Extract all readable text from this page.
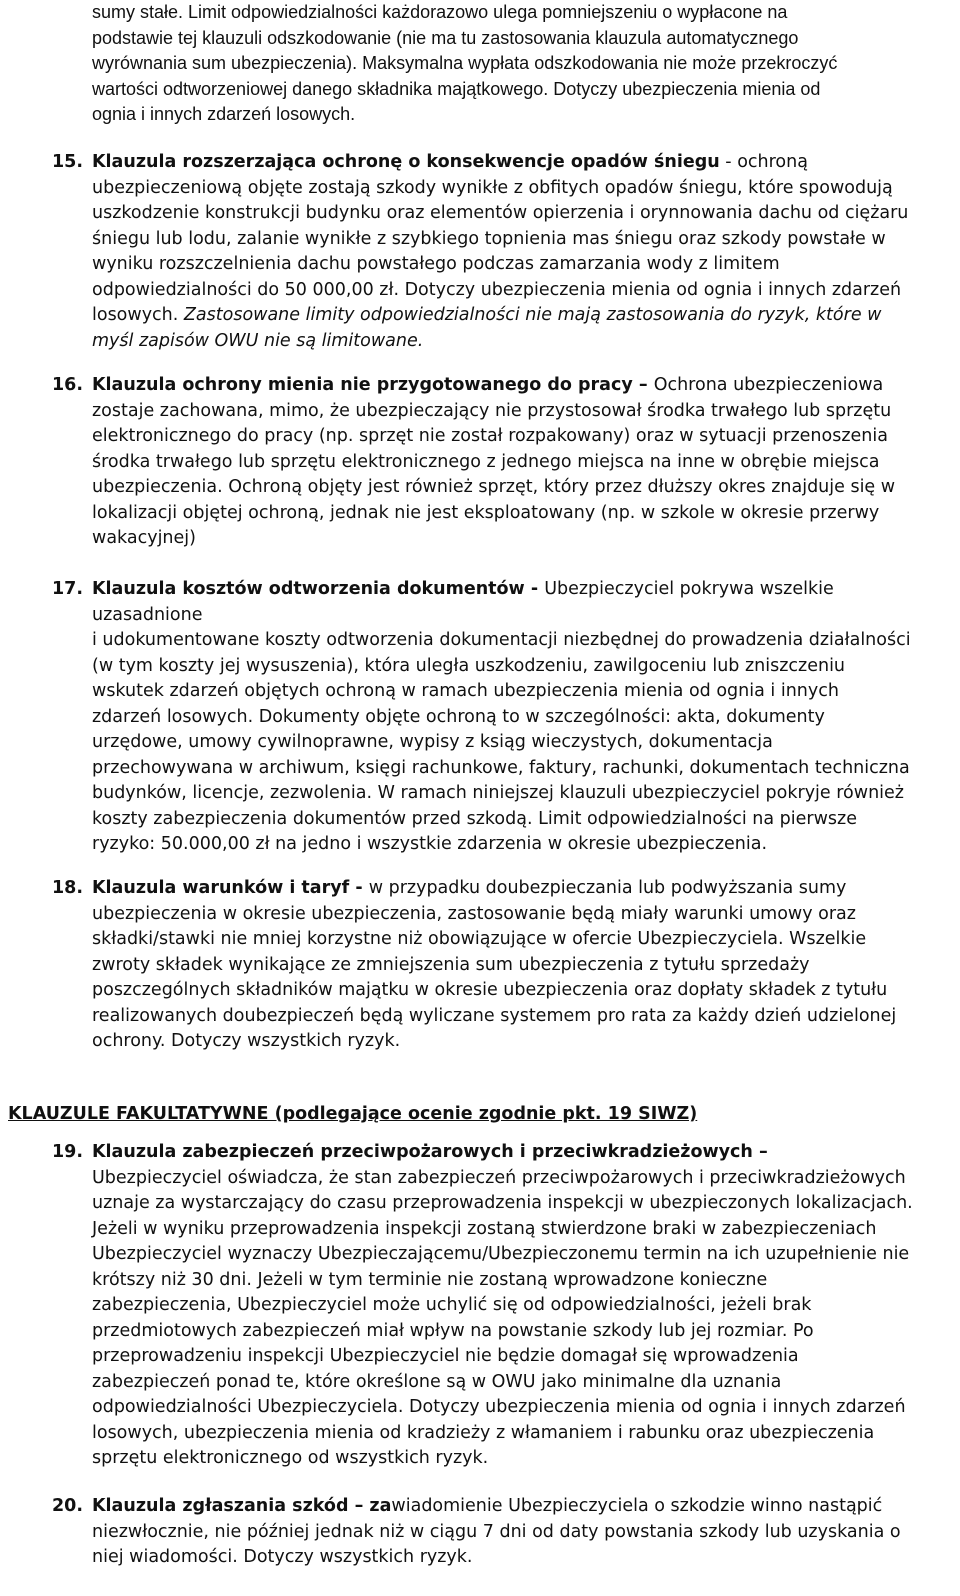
sumy stałe. Limit odpowiedzialności każdorazowo ulega pomniejszeniu o wypłacone na
podstawie tej klauzuli odszkodowanie (nie ma tu zastosowania klauzula automatycznego
wyrównania sum ubezpieczenia). Maksymalna wypłata odszkodowania nie może przekroczyć
wartości odtworzeniowej danego składnika majątkowego. Dotyczy ubezpieczenia mienia od
ognia i innych zdarzeń losowych.
15. Klauzula rozszerzająca ochronę o konsekwencje opadów śniegu - ochroną
ubezpieczeniową objęte zostają szkody wynikłe z obfitych opadów śniegu, które spowodują
uszkodzenie konstrukcji budynku oraz elementów opierzenia i orynnowania dachu od ciężaru
śniegu lub lodu, zalanie wynikłe z szybkiego topnienia mas śniegu oraz szkody powstałe w
wyniku rozszczelnienia dachu powstałego podczas zamarzania wody z limitem
odpowiedzialności do 50 000,00 zł. Dotyczy ubezpieczenia mienia od ognia i innych zdarzeń
losowych. Zastosowane limity odpowiedzialności nie mają zastosowania do ryzyk, które w
myśl zapisów OWU nie są limitowane.
16. Klauzula ochrony mienia nie przygotowanego do pracy – Ochrona ubezpieczeniowa
zostaje zachowana, mimo, że ubezpieczający nie przystosował środka trwałego lub sprzętu
elektronicznego do pracy (np. sprzęt nie został rozpakowany) oraz w sytuacji przenoszenia
środka trwałego lub sprzętu elektronicznego z jednego miejsca na inne w obrębie miejsca
ubezpieczenia. Ochroną objęty jest również sprzęt, który przez dłuższy okres znajduje się w
lokalizacji objętej ochroną, jednak nie jest eksploatowany (np. w szkole w okresie przerwy
wakacyjnej)
17. Klauzula kosztów odtworzenia dokumentów - Ubezpieczyciel pokrywa wszelkie
uzasadnione
i udokumentowane koszty odtworzenia dokumentacji niezbędnej do prowadzenia działalności
(w tym koszty jej wysuszenia), która uległa uszkodzeniu, zawilgoceniu lub zniszczeniu
wskutek zdarzeń objętych ochroną w ramach ubezpieczenia mienia od ognia i innych
zdarzeń losowych. Dokumenty objęte ochroną to w szczególności: akta, dokumenty
urzędowe, umowy cywilnoprawne, wypisy z ksiąg wieczystych, dokumentacja
przechowywana w archiwum, księgi rachunkowe, faktury, rachunki, dokumentach techniczna
budynków, licencje, zezwolenia. W ramach niniejszej klauzuli ubezpieczyciel pokryje również
koszty zabezpieczenia dokumentów przed szkodą. Limit odpowiedzialności na pierwsze
ryzyko: 50.000,00 zł na jedno i wszystkie zdarzenia w okresie ubezpieczenia.
18. Klauzula warunków i taryf - w przypadku doubezpieczania lub podwyższania sumy
ubezpieczenia w okresie ubezpieczenia, zastosowanie będą miały warunki umowy oraz
składki/stawki nie mniej korzystne niż obowiązujące w ofercie Ubezpieczyciela. Wszelkie
zwroty składek wynikające ze zmniejszenia sum ubezpieczenia z tytułu sprzedaży
poszczególnych składników majątku w okresie ubezpieczenia oraz dopłaty składek z tytułu
realizowanych doubezpieczeń będą wyliczane systemem pro rata za każdy dzień udzielonej
ochrony. Dotyczy wszystkich ryzyk.
KLAUZULE FAKULTATYWNE (podlegające ocenie zgodnie pkt. 19 SIWZ)
19. Klauzula zabezpieczeń przeciwpożarowych i przeciwkradzieżowych –
Ubezpieczyciel oświadcza, że stan zabezpieczeń przeciwpożarowych i przeciwkradzieżowych
uznaje za wystarczający do czasu przeprowadzenia inspekcji w ubezpieczonych lokalizacjach.
Jeżeli w wyniku przeprowadzenia inspekcji zostaną stwierdzone braki w zabezpieczeniach
Ubezpieczyciel wyznaczy Ubezpieczającemu/Ubezpieczonemu termin na ich uzupełnienie nie
krótszy niż 30 dni. Jeżeli w tym terminie nie zostaną wprowadzone konieczne
zabezpieczenia, Ubezpieczyciel może uchylić się od odpowiedzialności, jeżeli brak
przedmiotowych zabezpieczeń miał wpływ na powstanie szkody lub jej rozmiar. Po
przeprowadzeniu inspekcji Ubezpieczyciel nie będzie domagał się wprowadzenia
zabezpieczeń ponad te, które określone są w OWU jako minimalne dla uznania
odpowiedzialności Ubezpieczyciela. Dotyczy ubezpieczenia mienia od ognia i innych zdarzeń
losowych, ubezpieczenia mienia od kradzieży z włamaniem i rabunku oraz ubezpieczenia
sprzętu elektronicznego od wszystkich ryzyk.
20. Klauzula zgłaszania szkód – zawiadomienie Ubezpieczyciela o szkodzie winno nastąpić
niezwłocznie, nie później jednak niż w ciągu 7 dni od daty powstania szkody lub uzyskania o
niej wiadomości. Dotyczy wszystkich ryzyk.
